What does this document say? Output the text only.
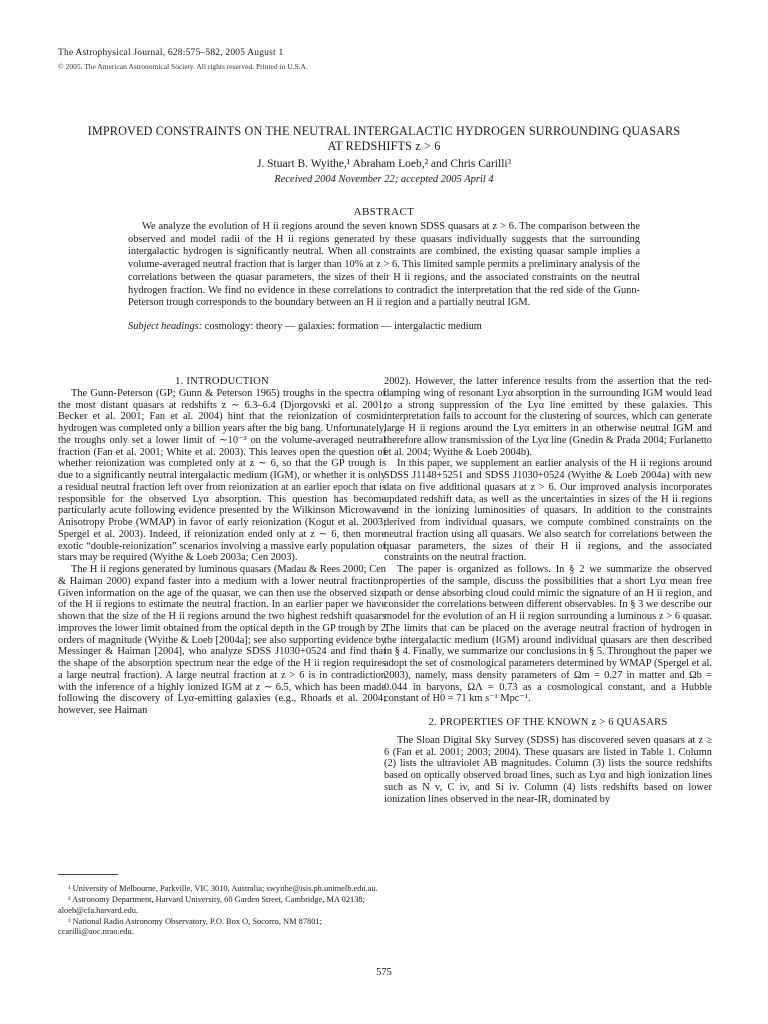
The Astrophysical Journal, 628:575–582, 2005 August 1
© 2005. The American Astronomical Society. All rights reserved. Printed in U.S.A.
IMPROVED CONSTRAINTS ON THE NEUTRAL INTERGALACTIC HYDROGEN SURROUNDING QUASARS AT REDSHIFTS z > 6
J. Stuart B. Wyithe,¹ Abraham Loeb,² and Chris Carilli³
Received 2004 November 22; accepted 2005 April 4
ABSTRACT
We analyze the evolution of H ii regions around the seven known SDSS quasars at z > 6. The comparison between the observed and model radii of the H ii regions generated by these quasars individually suggests that the surrounding intergalactic hydrogen is significantly neutral. When all constraints are combined, the existing quasar sample implies a volume-averaged neutral fraction that is larger than 10% at z > 6. This limited sample permits a preliminary analysis of the correlations between the quasar parameters, the sizes of their H ii regions, and the associated constraints on the neutral hydrogen fraction. We find no evidence in these correlations to contradict the interpretation that the red side of the Gunn-Peterson trough corresponds to the boundary between an H ii region and a partially neutral IGM.
Subject headings: cosmology: theory — galaxies: formation — intergalactic medium

1. INTRODUCTION

The Gunn-Peterson (GP; Gunn & Peterson 1965) troughs in the spectra of the most distant quasars at redshifts z ∼ 6.3–6.4 (Djorgovski et al. 2001; Becker et al. 2001; Fan et al. 2004) hint that the reionization of cosmic hydrogen was completed only a billion years after the big bang. Unfortunately, the troughs only set a lower limit of ∼10⁻³ on the volume-averaged neutral fraction (Fan et al. 2001; White et al. 2003). This leaves open the question of whether reionization was completed only at z ∼ 6, so that the GP trough is due to a significantly neutral intergalactic medium (IGM), or whether it is only a residual neutral fraction left over from reionization at an earlier epoch that is responsible for the observed Lyα absorption. This question has become particularly acute following evidence presented by the Wilkinson Microwave Anisotropy Probe (WMAP) in favor of early reionization (Kogut et al. 2003; Spergel et al. 2003). Indeed, if reionization ended only at z ∼ 6, then more exotic “double-reionization” scenarios involving a massive early population of stars may be required (Wyithe & Loeb 2003a; Cen 2003).

The H ii regions generated by luminous quasars (Madau & Rees 2000; Cen & Haiman 2000) expand faster into a medium with a lower neutral fraction. Given information on the age of the quasar, we can then use the observed size of the H ii regions to estimate the neutral fraction. In an earlier paper we have shown that the size of the H ii regions around the two highest redshift quasars improves the lower limit obtained from the optical depth in the GP trough by 2 orders of magnitude (Wyithe & Loeb [2004a]; see also supporting evidence by Messinger & Haiman [2004], who analyze SDSS J1030+0524 and find that the shape of the absorption spectrum near the edge of the H ii region requires a large neutral fraction). A large neutral fraction at z > 6 is in contradiction with the inference of a highly ionized IGM at z ∼ 6.5, which has been made following the discovery of Lyα-emitting galaxies (e.g., Rhoads et al. 2004; however, see Haiman

2002). However, the latter inference results from the assertion that the red-damping wing of resonant Lyα absorption in the surrounding IGM would lead to a strong suppression of the Lyα line emitted by these galaxies. This interpretation fails to account for the clustering of sources, which can generate large H ii regions around the Lyα emitters in an otherwise neutral IGM and therefore allow transmission of the Lyα line (Gnedin & Prada 2004; Furlanetto et al. 2004; Wyithe & Loeb 2004b).

In this paper, we supplement an earlier analysis of the H ii regions around SDSS J1148+5251 and SDSS J1030+0524 (Wyithe & Loeb 2004a) with new data on five additional quasars at z > 6. Our improved analysis incorporates updated redshift data, as well as the uncertainties in sizes of the H ii regions and in the ionizing luminosities of quasars. In addition to the constraints derived from individual quasars, we compute combined constraints on the neutral fraction using all quasars. We also search for correlations between the quasar parameters, the sizes of their H ii regions, and the associated constraints on the neutral fraction.

The paper is organized as follows. In § 2 we summarize the observed properties of the sample, discuss the possibilities that a short Lyα mean free path or dense absorbing cloud could mimic the signature of an H ii region, and consider the correlations between different observables. In § 3 we describe our model for the evolution of an H ii region surrounding a luminous z > 6 quasar. The limits that can be placed on the average neutral fraction of hydrogen in the intergalactic medium (IGM) around individual quasars are then described in § 4. Finally, we summarize our conclusions in § 5. Throughout the paper we adopt the set of cosmological parameters determined by WMAP (Spergel et al. 2003), namely, mass density parameters of Ωm = 0.27 in matter and Ωb = 0.044 in baryons, ΩΛ = 0.73 as a cosmological constant, and a Hubble constant of H0 = 71 km s⁻¹ Mpc⁻¹.

2. PROPERTIES OF THE KNOWN z > 6 QUASARS

The Sloan Digital Sky Survey (SDSS) has discovered seven quasars at z ≥ 6 (Fan et al. 2001; 2003; 2004). These quasars are listed in Table 1. Column (2) lists the ultraviolet AB magnitudes. Column (3) lists the source redshifts based on optically observed broad lines, such as Lyα and high ionization lines such as N v, C iv, and Si iv. Column (4) lists redshifts based on lower ionization lines observed in the near-IR, dominated by

¹ University of Melbourne, Parkville, VIC 3010, Australia; swyithe@isis.ph.unimelb.edu.au.

² Astronomy Department, Harvard University, 60 Garden Street, Cambridge, MA 02138; aloeb@cfa.harvard.edu.

³ National Radio Astronomy Observatory, P.O. Box O, Socorro, NM 87801; ccarilli@aoc.nrao.edu.

575
